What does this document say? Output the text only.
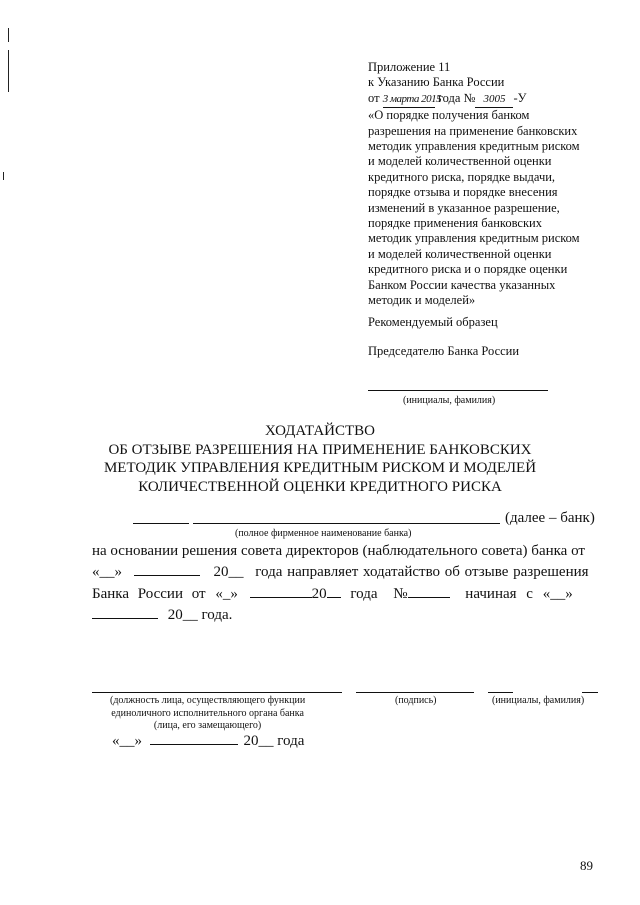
Приложение 11
к Указанию Банка России
от 3 марта 2015 года № 3005 -У
«О порядке получения банком
разрешения на применение банковских
методик управления кредитным риском
и моделей количественной оценки
кредитного риска, порядке выдачи,
порядке отзыва и порядке внесения
изменений в указанное разрешение,
порядке применения банковских
методик управления кредитным риском
и моделей количественной оценки
кредитного риска и о порядке оценки
Банком России качества указанных
методик и моделей»
Рекомендуемый образец
Председателю Банка России
(инициалы, фамилия)
ХОДАТАЙСТВО
ОБ ОТЗЫВЕ РАЗРЕШЕНИЯ НА ПРИМЕНЕНИЕ БАНКОВСКИХ
МЕТОДИК УПРАВЛЕНИЯ КРЕДИТНЫМ РИСКОМ И МОДЕЛЕЙ
КОЛИЧЕСТВЕННОЙ ОЦЕНКИ КРЕДИТНОГО РИСКА
(далее – банк)
(полное фирменное наименование банка)
на основании решения совета директоров (наблюдательного совета) банка от
«__»	20__ года направляет ходатайство об отзыве разрешения
Банка России от «_»	20 года №	начиная с «__»
20__ года.
(должность лица, осуществляющего функции
единоличного исполнительного органа банка
(лица, его замещающего)
(подпись)	(инициалы, фамилия)
«__»	20__ года
89
